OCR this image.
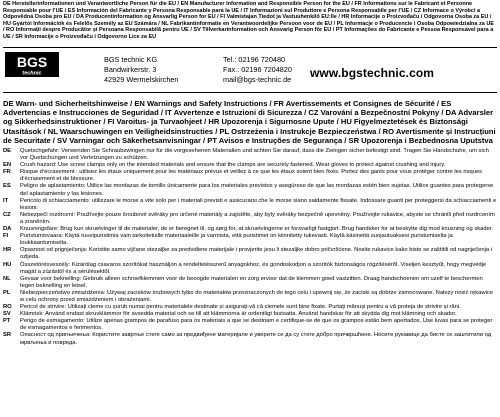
DE Herstellerinformationen und Verantwortliche Person für die EU / EN Manufacturer Information and Responsible Person for the EU / FR Informations sur le Fabricant et Personne Responsable pour l’UE / ES Información del Fabricante y Persona Responsable para la UE / IT Informazioni sul Produttore e Persona Responsabile per l’UE / CZ Informace o Výrobci a Odpovědná Osoba pro EU / DA Producentinformation og Ansvarlig Person for EU / FI Valmistajan Tiedot ja Vastuuhenkilö EU:lle / HR Informacije o Proizvođaču i Odgovorna Osoba za EU / HU Gyártói Információk és Felelős Személy az EU Számára / NL Fabrikantinformatie en Verantwoordelijke Persoon voor de EU / PL Informacje o Producencie i Osoba Odpowiedzialna za UE / RO Informații despre Producător și Persoana Responsabilă pentru UE / SV Tillverkarinformation och Ansvarig Person för EU / PT Informações do Fabricante e Pessoa Responsável para a UE / SR Informacije o Proizvođaču i Odgovorno Lice za EU
BGS
technic
BGS technic KG
Bandwirkerstr. 3
42929 Wermelskirchen
Tel.: 02196 720480
Fax.: 02196 7204820
mail@bgs-technic.de www.bgstechnic.com
DE Warn- und Sicherheitshinweise / EN Warnings and Safety Instructions / FR Avertissements et Consignes de Sécurité / ES Advertencias e Instrucciones de Seguridad / IT Avvertenze e Istruzioni di Sicurezza / CZ Varování a Bezpečnostní Pokyny / DA Advarsler og Sikkerhedsinstruktioner / FI Varoitus- ja Turvaohjeet / HR Upozorenja i Sigurnosne Upute / HU Figyelmeztetések és Biztonsági Utasítások / NL Waarschuwingen en Veiligheidsinstructies / PL Ostrzeżenia i Instrukcje Bezpieczeństwa / RO Avertismente și Instrucțiuni de Securitate / SV Varningar och Säkerhetsanvisningar / PT Avisos e Instruções de Segurança / SR Upozorenja i Bezbednosna Uputstva
DE	Quetschgefahr: Verwenden Sie Schraubzwingen nur für die vorgesehenen Materialien und achten Sie darauf, dass die Zwingen sicher befestigt sind. Tragen Sie Handschuhe, um sich vor Quetschungen und Verletzungen zu schützen.
EN	Crush hazard: Use screw clamps only on the intended materials and ensure that the clamps are securely fastened. Wear gloves to protect against crushing and injury.
FR	Risque d’écrasement : utilisez les étaux uniquement pour les matériaux prévus et veillez à ce que les étaux soient bien fixés. Portez des gants pour vous protéger contre les risques d’écrasement et de blessure.
ES	Peligro de aplastamiento: Utilice las mordazas de tornillo únicamente para los materiales previstos y asegúrese de que las mordazas estén bien sujetas. Utilice guantes para protegerse del aplastamiento y las lesiones.
IT	Pericolo di schiacciamento: utilizzare le morse a vite solo per i materiali previsti e assicurarsi che le morse siano saldamente fissate. Indossare guanti per proteggersi da schiacciamenti e lesioni.
CZ	Nebezpečí rozdrcení: Používejte pouze šroubové svěráky pro určené materiály a zajistěte, aby byly svěráky bezpečně upevněny. Používejte rukavice, abyste se chránili před rozdrcením a zraněním.
DA	Knusningsfare: Brug kun skruetvinger til de materialer, de er beregnet til, og sørg for, at skruetvingerne er forsvarligt fastgjort. Brug handsker for at beskytte dig mod knusning og skader.
FI	Puristumisvaara: Käytä ruuvipuristimia vain tarkoitetuille materiaaleille ja varmista, että puristimet on kiinnitetty tukevasti. Käytä käsineitä suojautuaksesi puristumiselta ja loukkaantumiselta.
HR	Opasnost od prignječenja: Koristite samo vijčane stezaljke za predviđene materijale i provjerite jesu li stezaljke dobro pričvršćene. Nosite rukavice kako biste se zaštitili od nagnječenja i ozljeda.
HU	Összetörésveszély: Kizárólag csavaros szorítókat használjon a rendeltetésszerű anyagokhoz, és gondoskodjon a szorítók biztonságos rögzítéséről. Viseljen kesztyűt, hogy megvédje magát a zúzástól és a sérülésektől.
NL	Gevaar voor beknelling: Gebruik alleen schroefklemmen voor de beoogde materialen en zorg ervoor dat de klemmen goed vastzitten. Draag handschoenen om uzelf te beschermen tegen beknelling en letsel.
PL	Niebezpieczeństwo zmiażdżenia: Używaj zacisków śrubowych tylko do materiałów przeznaczonych do tego celu i upewnij się, że zaciski są dobrze zamocowane. Należy nosić rękawice w celu ochrony przed zmiażdżeniem i obrażeniami.
RO	Pericol de strivire: Utilizați cleme cu șurub numai pentru materialele destinate și asigurați-vă că clemele sunt bine fixate. Purtați mănuși pentru a vă proteja de strivire și răni.
SV	Klämrisk: Använd endast skruvklämmor för avsedda material och se till att klämmorna är ordentligt fastsatta. Använd handskar för att skydda dig mot klämning och skador.
PT	Perigo de esmagamento: Utilize apenas grampos de parafuso para os materiais a que se destinam e certifique-se de que os grampos estão bem apertados. Use luvas para se proteger de esmagamentos e ferimentos.
SR	Опасност од пригњечења: Користите завртње стеге само за предвиђене материјале и уверите се да су стеге добро причвршћене. Носите рукавице да бисте се заштитили од мрвљења и повреда.
